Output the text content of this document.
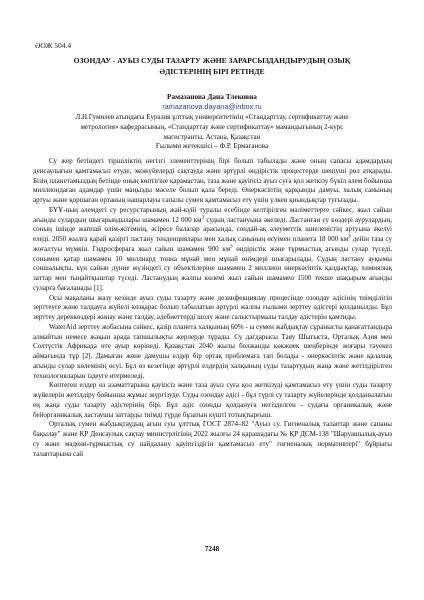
ӘОЖ 504.4
ОЗОНДАУ - АУЫЗ СУДЫ ТАЗАРТУ ЖӘНЕ ЗАРАРСЫЗДАНДЫРУДЫҢ ОЗЫҚ
ӘДІСТЕРІНІҢ БІРІ РЕТІНДЕ
Рамазанова Дана Тлековна
ramazanova.dayana@inbox.ru
Л.Н.Гумилев атындағы Еуразия ұлттық университетінің «Стандарттау, сертификаттау және метрология» кафедрасының, «Стандарттау және сертификаттау» мамандығының 2-курс магистранты, Астана, Қазақстан
Ғылыми жетекшісі – Ф.Р. Ермағанова

Су жер бетіндегі тіршіліктің негізгі элементтерінің бірі болып табылады және оның сапасы адамдардың денсаулығын қамтамасыз етуде, экожүйелерді сақтауда және әртүрлі өндірістік процестерде шешуші рөл атқарады. Бізің планетамыздың бетінде оның көптігіне қарамастан, таза және қауіпсіз ауыз суға қол жеткізу бүкіл әлем бойынша миллиондаған адамдар үшін маңызды мәселе болып қала береді. Өнеркәсіптің қарқынды дамуы, халық санының артуы және қоршаған ортаның нашарлауы сапалы сумен қамтамасыз ету үшін үлкен қиындықтар туғызады.

БҰҰ-ның әлемдегі су ресурстарының жай-күйі туралы есебінде келтірілген мәліметтерге сәйкес, жыл сайын ағынды сулардың шығарындылары шамамен 12 000 $км^3$ судың ластануына әкеледі. Ластанған су көздері аурулардың, соның ішінде жаппай өлім-жітімнің, әсіресе балалар арасында, сондай-ақ әлеуметтік шиеленістің артуына әкелуі еледі. 2050 жылға қарай қазіргі ластану тенденциялары мен халық санының өсуімен планета 18 000 $км^3$ дейін таза су жоғалтуы мүмкін. Гидросфераға жыл сайын шамамен 900 $км^3$ өндірістік және тұрмыстық ағынды сулар түседі, сонымен қатар шамамен 10 миллиард тонна мұнай мен мұнай өнімдері шығарылады. Судың ластану ауқымы соншалықты, күн сайын дүние жүзіндегі су объектілеріне шамамен 2 миллион өнеркәсіптік қалдықтар, химиялық заттар мен тыңайтқыштар түседі. Ластанудың жалпы көлемі жыл сайын шамамен 1500 текше шақырым ағынды суларға бағаланады [1].

Осы мақаланы жазу кезінде ауыз суды тазарту және дезинфекциялау процесінде озондау әдісінің тиімділігін зерттеуге және талдауға жүйелі көзқарас болып табылатын әртүрлі жалпы ғылыми зерттеу әдістері қолданылды. Бұл зерттеу дереккөздері жинау және талдау, әдебиеттерді шолу және салыстырмалы талдау әдістерін қамтиды.

WaterAid зерттеу жобасына сәйкес, қазір планета халқының 60% - ы сумен жабдықтау сұранысты қанағаттандыра алмайтын немесе жақын арада тапшылықты жерлерде тұрады. Су дағдарысы Таяу Шығыста, Орталық Азия мен Солтүстік Африкада өте ауыр көрінеді. Қазақстан 2040 жылы болжанды көкжиек шеңберінде жоғары тәуекел аймағында тұр [2]. Дамыған және дамушы елдер бір ортақ проблемаға тап болады - өнеркәсіптік және қалалық ағынды сулар көлемінің өсуі. Бұл өз кезегінде әртүрлі елдердің халқының суды тазартудың жаңа және жетілдірілген технологияларын іздеуге итермеледі.

Көптеген елдер өз азаматтарына қауіпсіз және таза ауыз суға қол жеткізуді қамтамасыз ету үшін суды тазарту жүйелерін жетілдіру бойынша жұмыс жүргізуде. Суды озондау әдісі - бұл түрлі су тазарту жүйелерінде қолданылатын ең жаңа суды тазарту әдістерінің бірі. Бұл әдіс озонды қолдануға негізделген - судағы органикалық және бейорганикалық ластаушы заттарды тиімді түрде бұзатын күшті тотықтырғыш.

Орталық сумен жабдықтаудың ағын суы ұлттық ГОСТ 2874–82 "Ауыз су. Гигиеналық талаптар және сапаны бақылау" және ҚР Денсаулық сақтау министрлігінің 2022 жылғы 24 қарашадағы № ҚР ДСМ-138 "Шаруашылық-ауыз су және мәдени-тұрмыстық су пайдалану қауіпсіздігін қамтамасыз ету" гигиеналық нормативтері" бұйрығы талаптарына сай

7248
